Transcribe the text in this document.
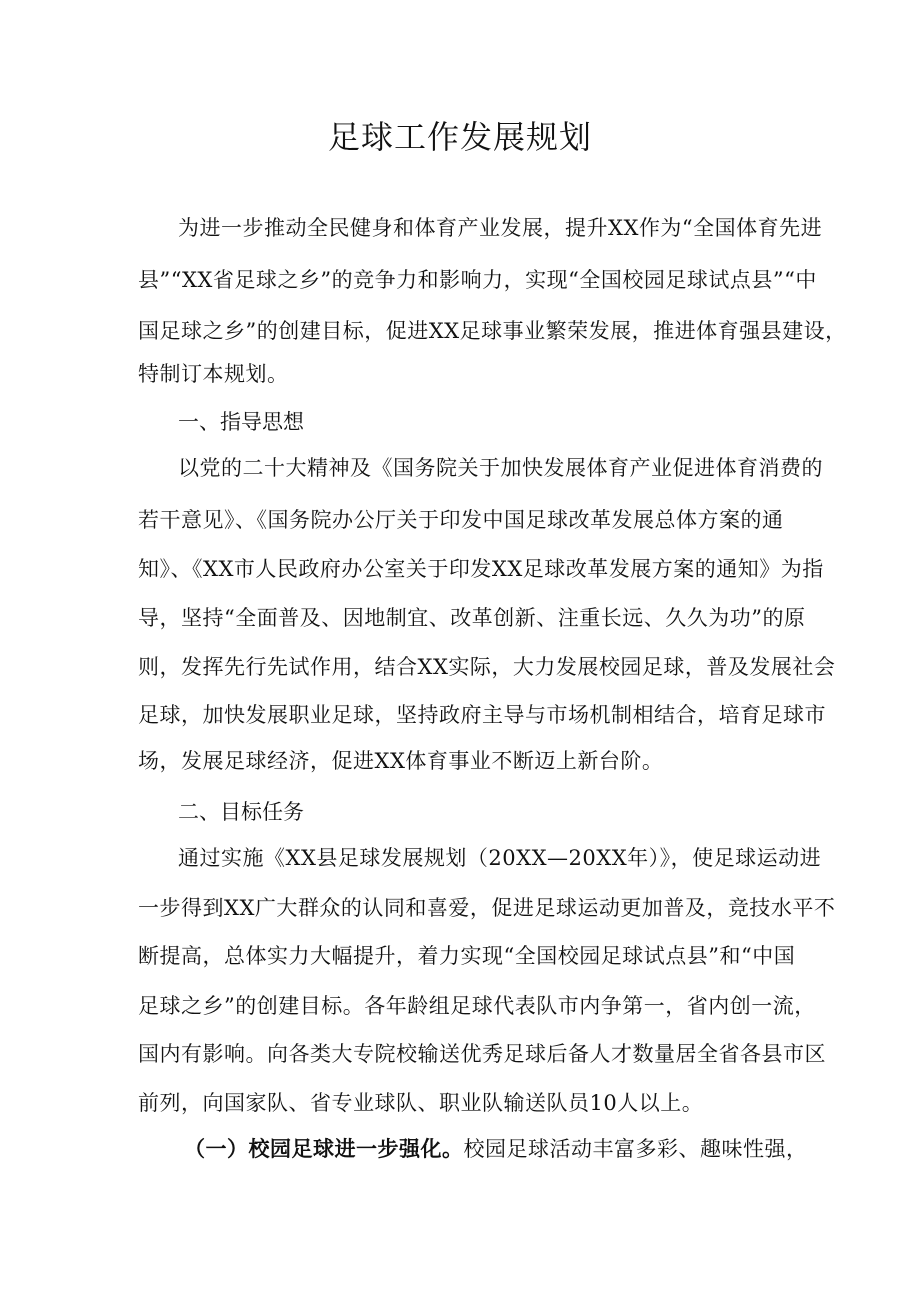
足球工作发展规划
为进一步推动全民健身和体育产业发展，提升XX作为“全国体育先进
县”“XX省足球之乡”的竞争力和影响力，实现“全国校园足球试点县”“中
国足球之乡”的创建目标，促进XX足球事业繁荣发展，推进体育强县建设，
特制订本规划。
一、指导思想
以党的二十大精神及《国务院关于加快发展体育产业促进体育消费的
若干意见》、《国务院办公厅关于印发中国足球改革发展总体方案的通
知》、《XX市人民政府办公室关于印发XX足球改革发展方案的通知》为指
导，坚持“全面普及、因地制宜、改革创新、注重长远、久久为功”的原
则，发挥先行先试作用，结合XX实际，大力发展校园足球，普及发展社会
足球，加快发展职业足球，坚持政府主导与市场机制相结合，培育足球市
场，发展足球经济，促进XX体育事业不断迈上新台阶。
二、目标任务
通过实施《XX县足球发展规划（20XX—20XX年）》，使足球运动进
一步得到XX广大群众的认同和喜爱，促进足球运动更加普及，竞技水平不
断提高，总体实力大幅提升，着力实现“全国校园足球试点县”和“中国
足球之乡”的创建目标。各年龄组足球代表队市内争第一，省内创一流，
国内有影响。向各类大专院校输送优秀足球后备人才数量居全省各县市区
前列，向国家队、省专业球队、职业队输送队员10人以上。
（一）校园足球进一步强化。校园足球活动丰富多彩、趣味性强，
